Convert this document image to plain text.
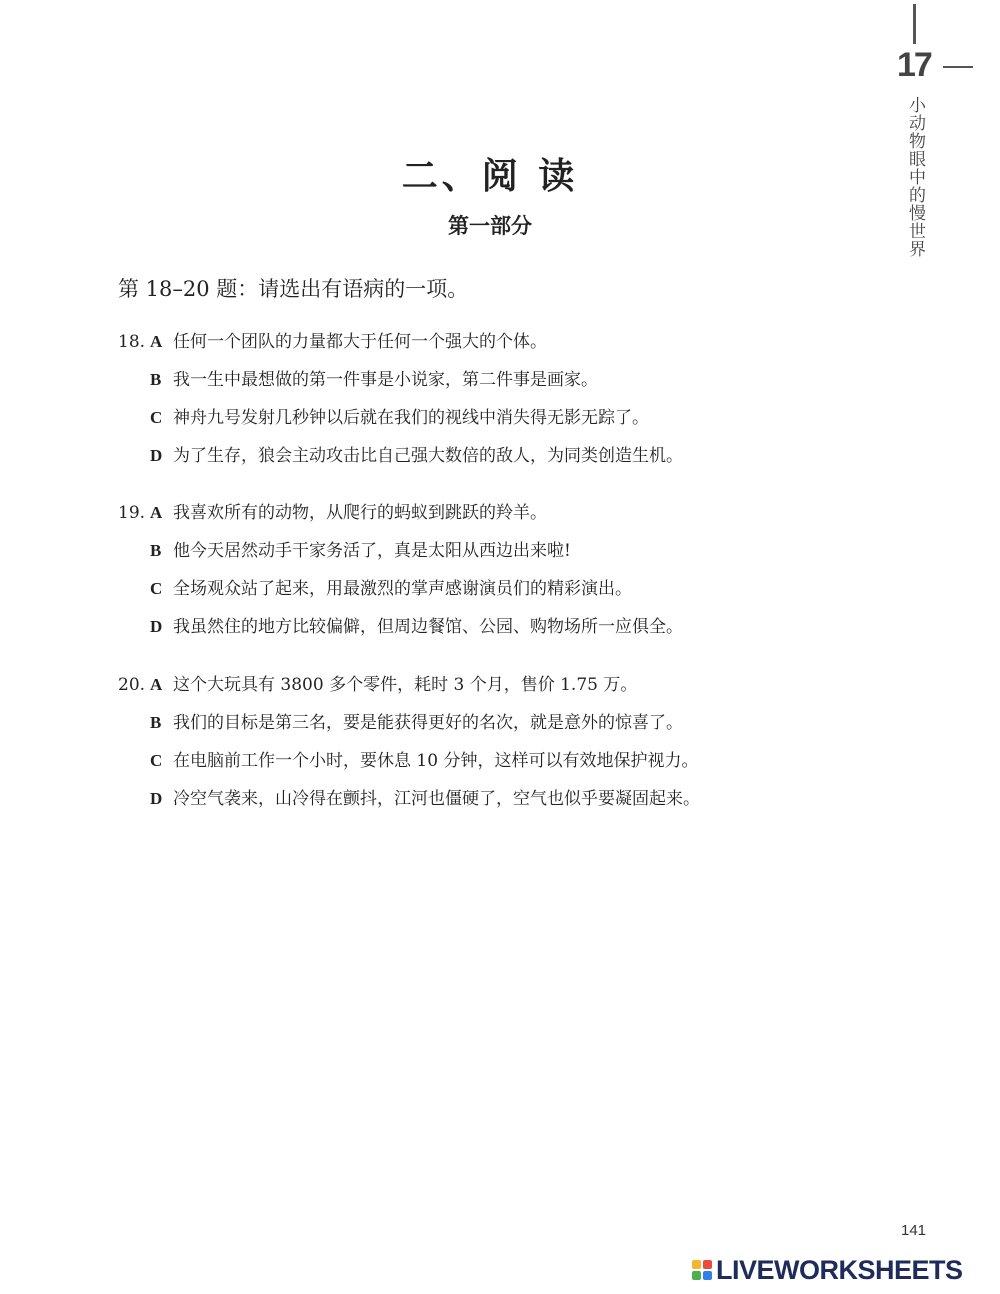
17
小动物眼中的慢世界
二、阅 读
第一部分
第 18–20 题：请选出有语病的一项。
18. A 任何一个团队的力量都大于任何一个强大的个体。
B 我一生中最想做的第一件事是小说家，第二件事是画家。
C 神舟九号发射几秒钟以后就在我们的视线中消失得无影无踪了。
D 为了生存，狼会主动攻击比自己强大数倍的敌人，为同类创造生机。
19. A 我喜欢所有的动物，从爬行的蚂蚁到跳跃的羚羊。
B 他今天居然动手干家务活了，真是太阳从西边出来啦!
C 全场观众站了起来，用最激烈的掌声感谢演员们的精彩演出。
D 我虽然住的地方比较偏僻，但周边餐馆、公园、购物场所一应俱全。
20. A 这个大玩具有 3800 多个零件，耗时 3 个月，售价 1.75 万。
B 我们的目标是第三名，要是能获得更好的名次，就是意外的惊喜了。
C 在电脑前工作一个小时，要休息 10 分钟，这样可以有效地保护视力。
D 冷空气袭来，山冷得在颤抖，江河也僵硬了，空气也似乎要凝固起来。
141
LIVEWORKSHEETS
